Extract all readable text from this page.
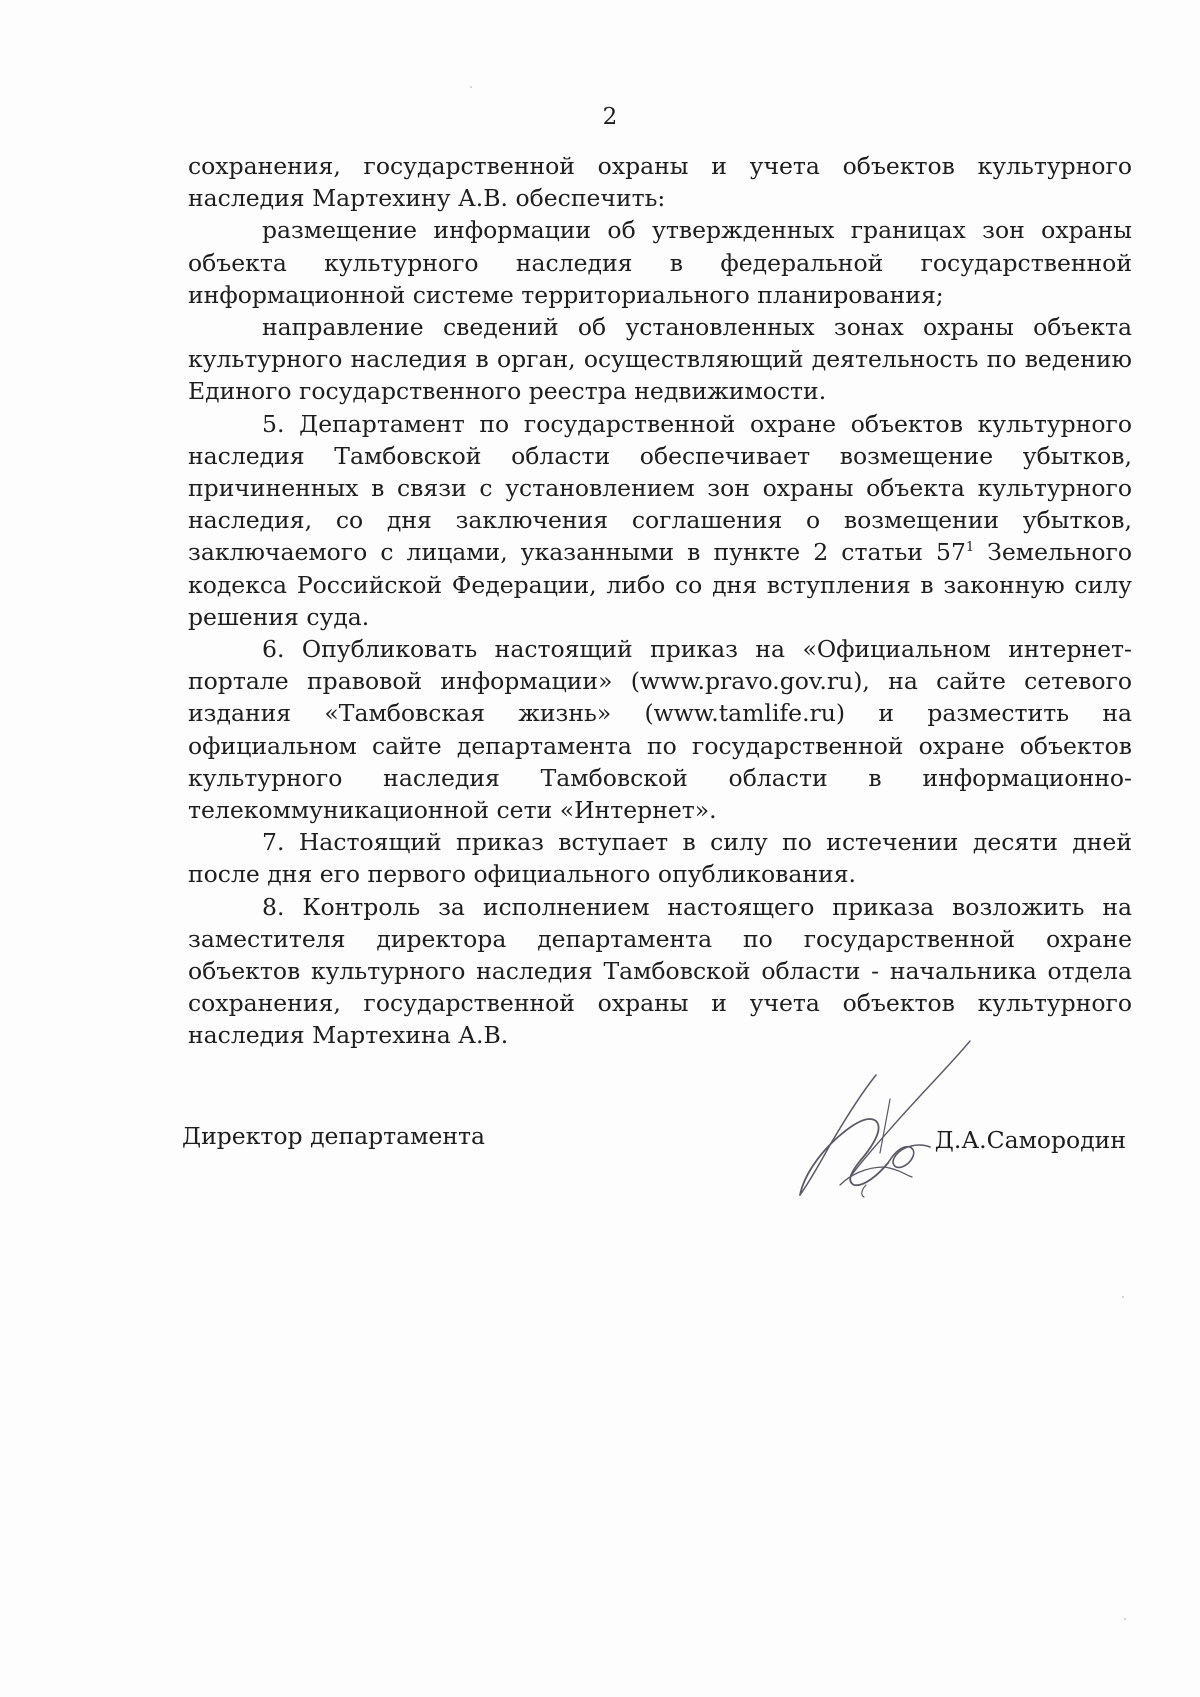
2

сохранения, государственной охраны и учета объектов культурного наследия Мартехину А.В. обеспечить:

размещение информации об утвержденных границах зон охраны объекта культурного наследия в федеральной государственной информационной системе территориального планирования;

направление сведений об установленных зонах охраны объекта культурного наследия в орган, осуществляющий деятельность по ведению Единого государственного реестра недвижимости.

5. Департамент по государственной охране объектов культурного наследия Тамбовской области обеспечивает возмещение убытков, причиненных в связи с установлением зон охраны объекта культурного наследия, со дня заключения соглашения о возмещении убытков, заключаемого с лицами, указанными в пункте 2 статьи $57^1$ Земельного кодекса Российской Федерации, либо со дня вступления в законную силу решения суда.

6. Опубликовать настоящий приказ на «Официальном интернет-портале правовой информации» (www.pravo.gov.ru), на сайте сетевого издания «Тамбовская жизнь» (www.tamlife.ru) и разместить на официальном сайте департамента по государственной охране объектов культурного наследия Тамбовской области в информационно-телекоммуникационной сети «Интернет».

7. Настоящий приказ вступает в силу по истечении десяти дней после дня его первого официального опубликования.

8. Контроль за исполнением настоящего приказа возложить на заместителя директора департамента по государственной охране объектов культурного наследия Тамбовской области - начальника отдела сохранения, государственной охраны и учета объектов культурного наследия Мартехина А.В.

Директор департамента	Д.А.Самородин
